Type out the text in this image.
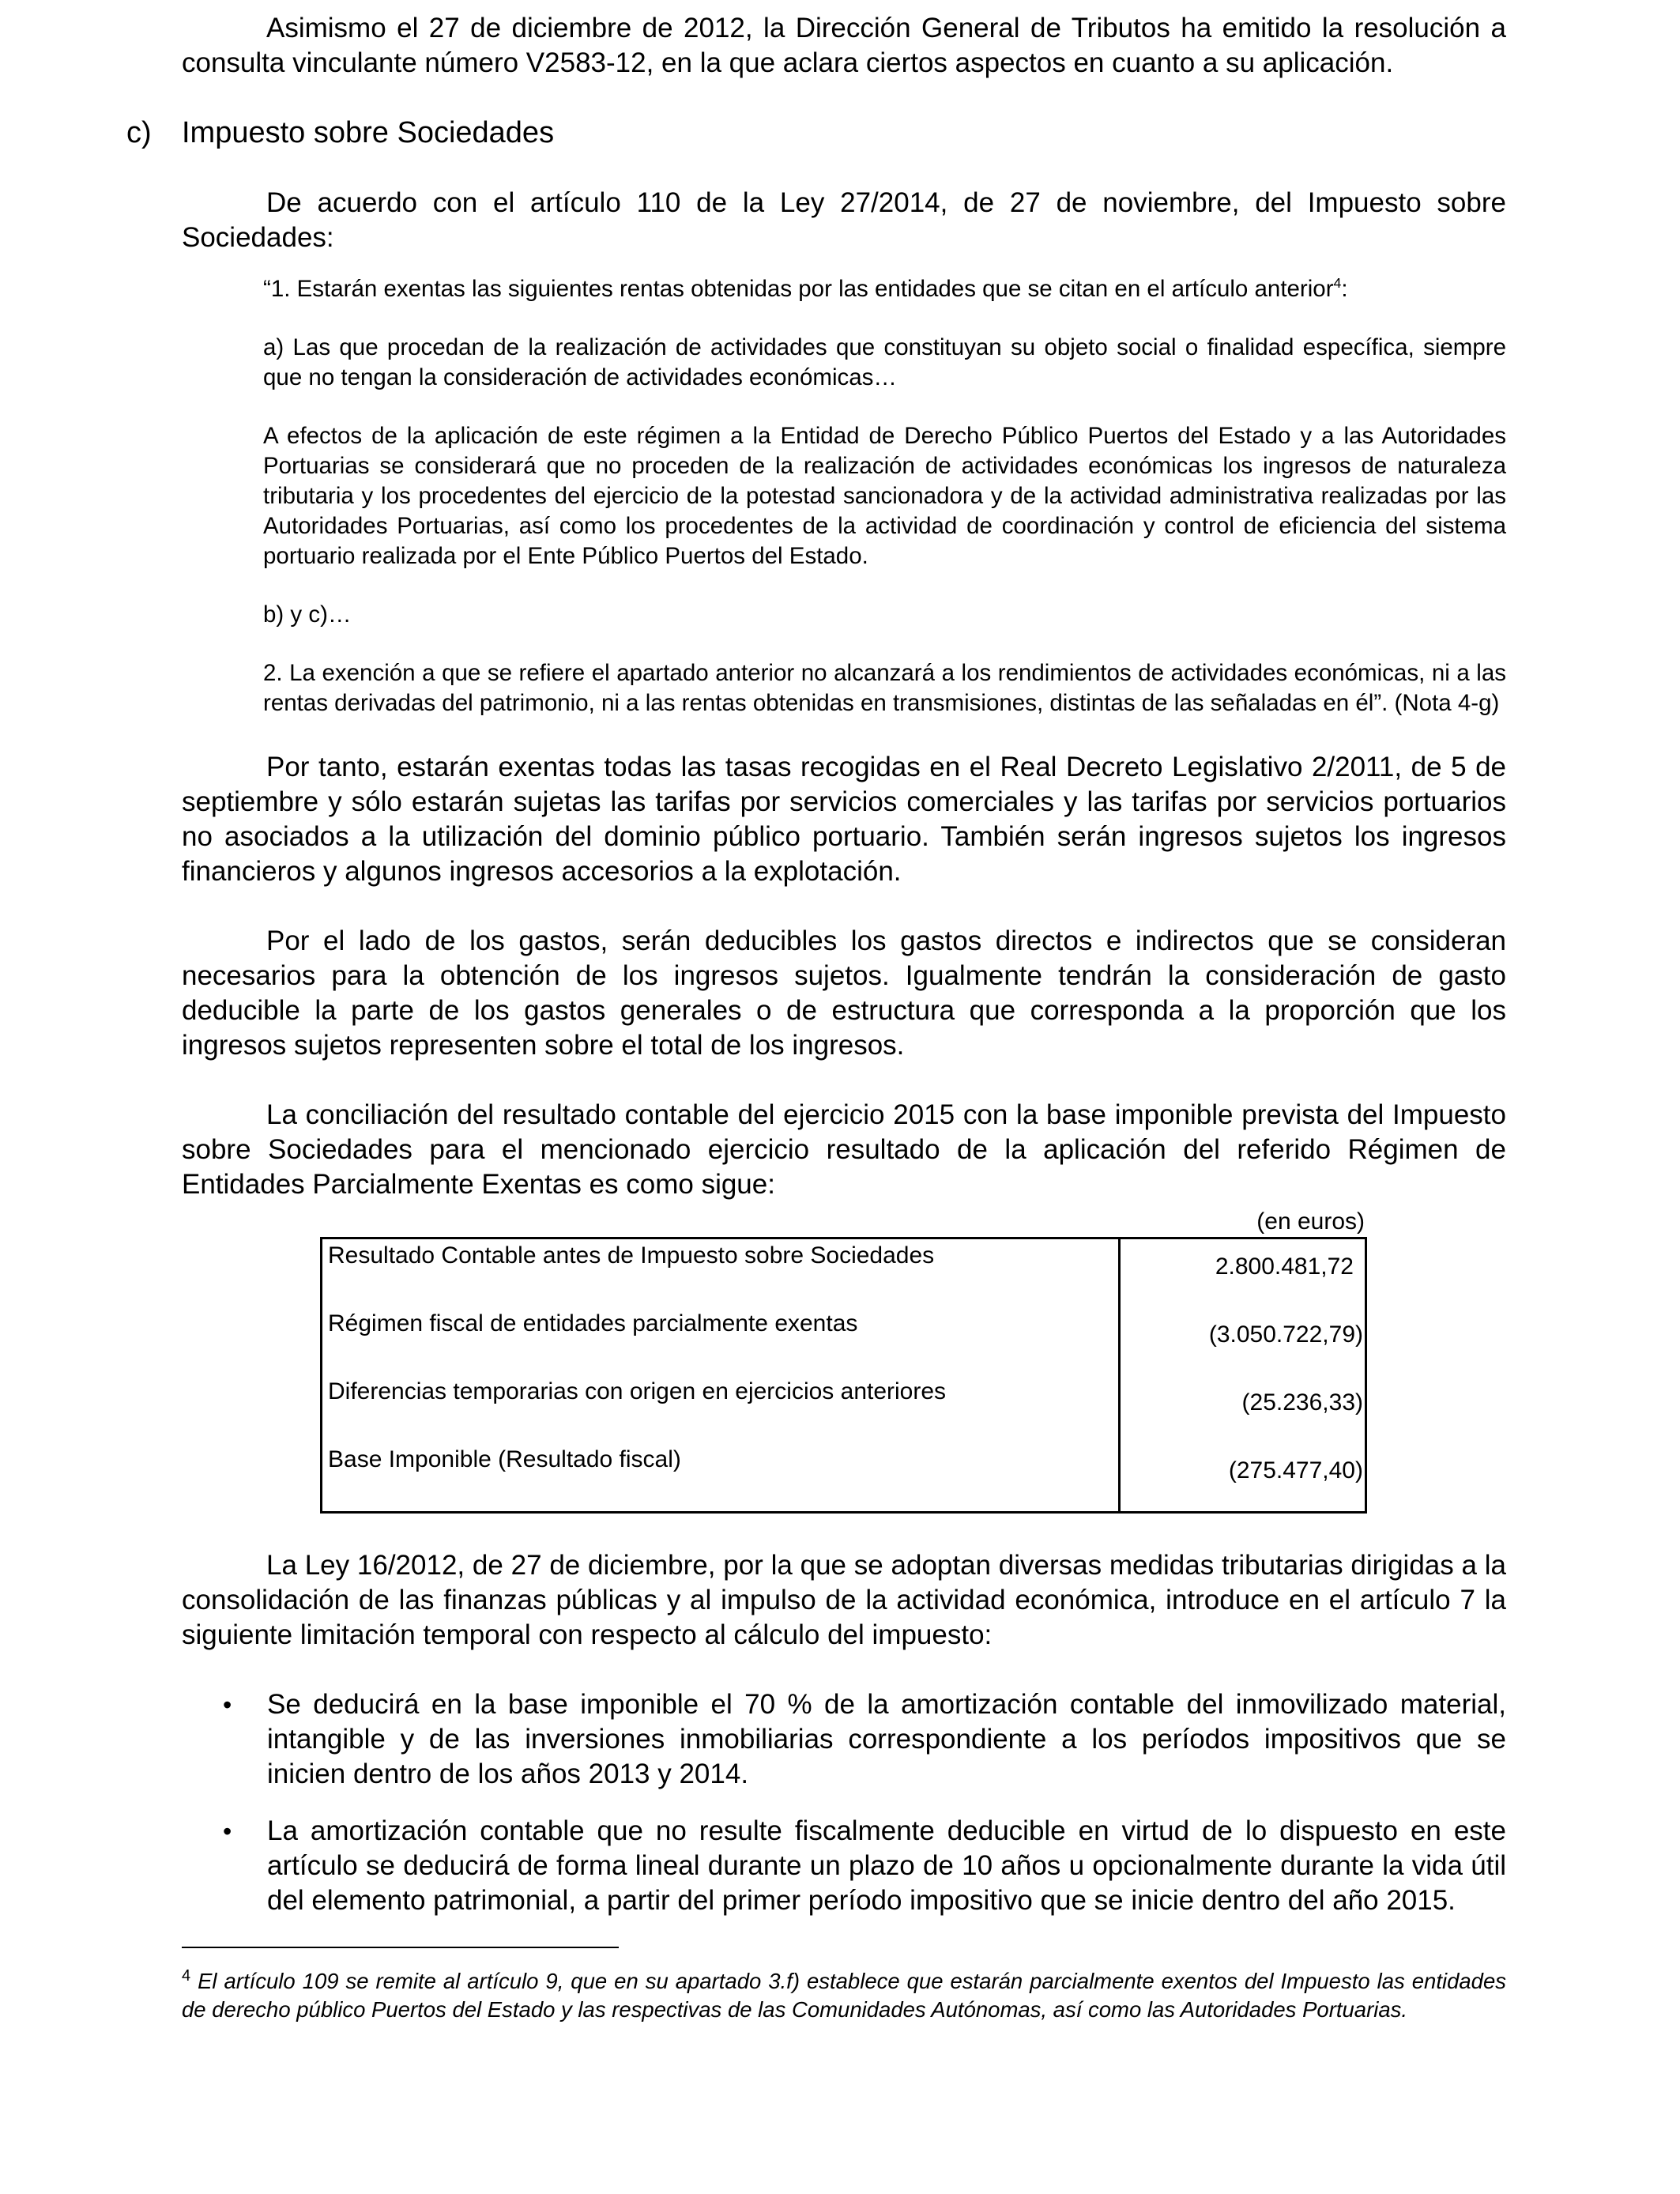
Asimismo el 27 de diciembre de 2012, la Dirección General de Tributos ha emitido la resolución a consulta vinculante número V2583-12, en la que aclara ciertos aspectos en cuanto a su aplicación.

c) Impuesto sobre Sociedades

De acuerdo con el artículo 110 de la Ley 27/2014, de 27 de noviembre, del Impuesto sobre Sociedades:

“1. Estarán exentas las siguientes rentas obtenidas por las entidades que se citan en el artículo anterior$^4$:

a) Las que procedan de la realización de actividades que constituyan su objeto social o finalidad específica, siempre que no tengan la consideración de actividades económicas…

A efectos de la aplicación de este régimen a la Entidad de Derecho Público Puertos del Estado y a las Autoridades Portuarias se considerará que no proceden de la realización de actividades económicas los ingresos de naturaleza tributaria y los procedentes del ejercicio de la potestad sancionadora y de la actividad administrativa realizadas por las Autoridades Portuarias, así como los procedentes de la actividad de coordinación y control de eficiencia del sistema portuario realizada por el Ente Público Puertos del Estado.

b) y c)…

2. La exención a que se refiere el apartado anterior no alcanzará a los rendimientos de actividades económicas, ni a las rentas derivadas del patrimonio, ni a las rentas obtenidas en transmisiones, distintas de las señaladas en él”. (Nota 4-g)

Por tanto, estarán exentas todas las tasas recogidas en el Real Decreto Legislativo 2/2011, de 5 de septiembre y sólo estarán sujetas las tarifas por servicios comerciales y las tarifas por servicios portuarios no asociados a la utilización del dominio público portuario. También serán ingresos sujetos los ingresos financieros y algunos ingresos accesorios a la explotación.

Por el lado de los gastos, serán deducibles los gastos directos e indirectos que se consideran necesarios para la obtención de los ingresos sujetos. Igualmente tendrán la consideración de gasto deducible la parte de los gastos generales o de estructura que corresponda a la proporción que los ingresos sujetos representen sobre el total de los ingresos.

La conciliación del resultado contable del ejercicio 2015 con la base imponible prevista del Impuesto sobre Sociedades para el mencionado ejercicio resultado de la aplicación del referido Régimen de Entidades Parcialmente Exentas es como sigue:

(en euros)
Resultado Contable antes de Impuesto sobre Sociedades	2.800.481,72
Régimen fiscal de entidades parcialmente exentas	(3.050.722,79)
Diferencias temporarias con origen en ejercicios anteriores	(25.236,33)
Base Imponible (Resultado fiscal)	(275.477,40)

La Ley 16/2012, de 27 de diciembre, por la que se adoptan diversas medidas tributarias dirigidas a la consolidación de las finanzas públicas y al impulso de la actividad económica, introduce en el artículo 7 la siguiente limitación temporal con respecto al cálculo del impuesto:

• Se deducirá en la base imponible el 70 % de la amortización contable del inmovilizado material, intangible y de las inversiones inmobiliarias correspondiente a los períodos impositivos que se inicien dentro de los años 2013 y 2014.
• La amortización contable que no resulte fiscalmente deducible en virtud de lo dispuesto en este artículo se deducirá de forma lineal durante un plazo de 10 años u opcionalmente durante la vida útil del elemento patrimonial, a partir del primer período impositivo que se inicie dentro del año 2015.

$^4$ El artículo 109 se remite al artículo 9, que en su apartado 3.f) establece que estarán parcialmente exentos del Impuesto las entidades de derecho público Puertos del Estado y las respectivas de las Comunidades Autónomas, así como las Autoridades Portuarias.
